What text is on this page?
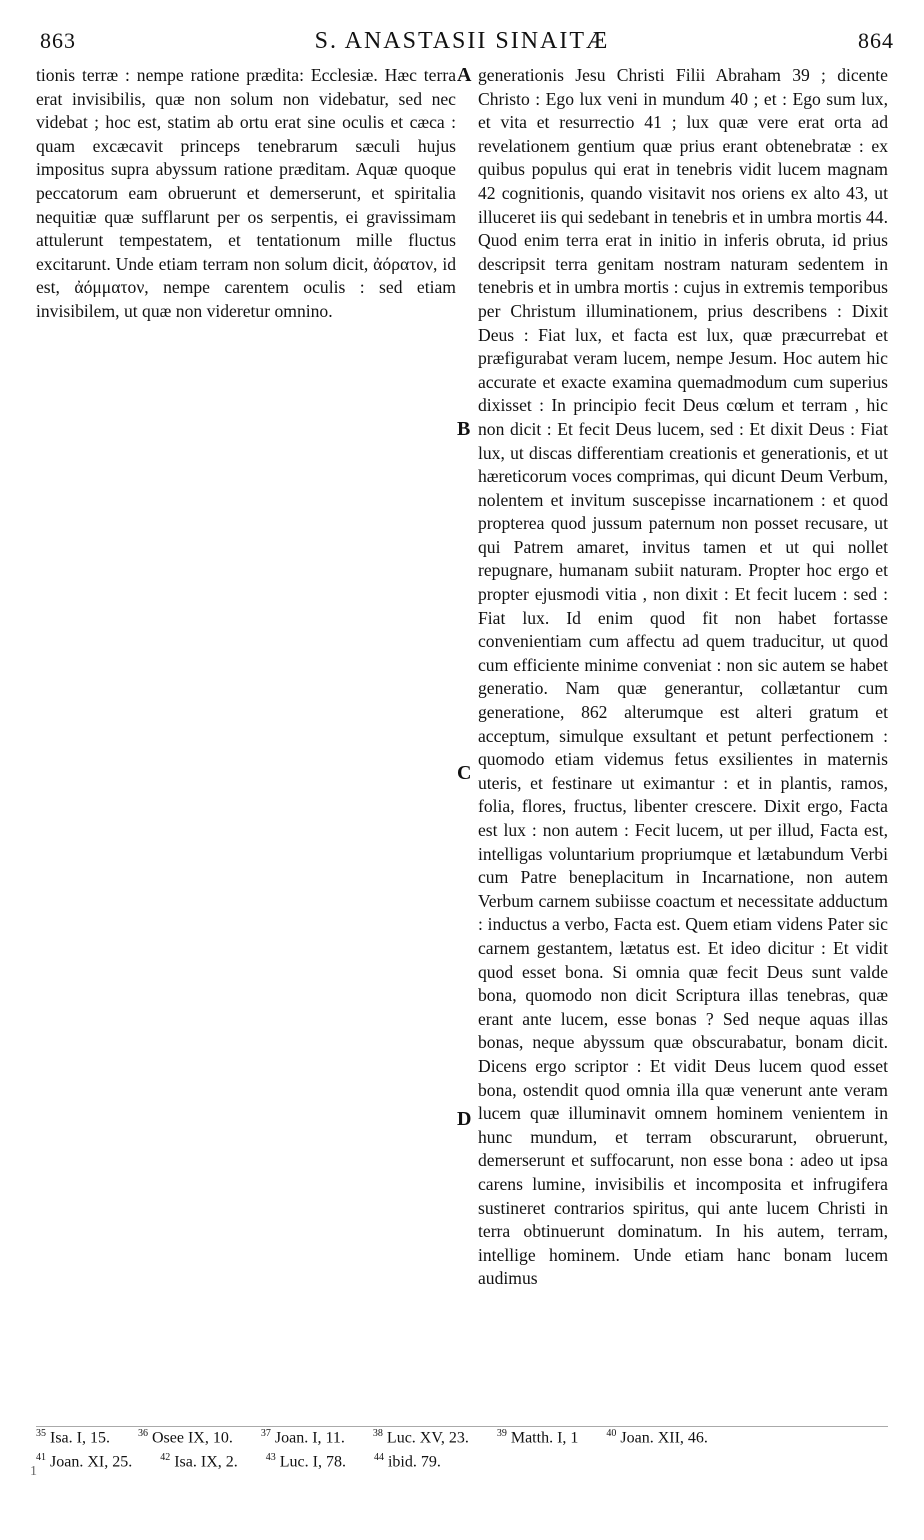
863	S. ANASTASII SINAITÆ	864
A
B
C
D

tionis terræ : nempe ratione prædita: Ecclesiæ. Hæc terra erat invisibilis, quæ non solum non videbatur, sed nec videbat ; hoc est, statim ab ortu erat sine oculis et cæca : quam excæcavit princeps tenebrarum sæculi hujus impositus supra abyssum ratione præditam. Aquæ quoque peccatorum eam obruerunt et demerserunt, et spiritalia nequitiæ quæ sufflarunt per os serpentis, ei gravissimam attulerunt tempestatem, et tentationum mille fluctus excitarunt. Unde etiam terram non solum dicit, ἀόρατον, id est, ἀόμματον, nempe carentem oculis : sed etiam invisibilem, ut quæ non videretur omnino.

generationis Jesu Christi Filii Abraham 39 ; dicente Christo : Ego lux veni in mundum 40 ; et : Ego sum lux, et vita et resurrectio 41 ; lux quæ vere erat orta ad revelationem gentium quæ prius erant obtenebratæ : ex quibus populus qui erat in tenebris vidit lucem magnam 42 cognitionis, quando visitavit nos oriens ex alto 43, ut illuceret iis qui sedebant in tenebris et in umbra mortis 44. Quod enim terra erat in initio in inferis obruta, id prius descripsit terra genitam nostram naturam sedentem in tenebris et in umbra mortis : cujus in extremis temporibus per Christum illuminationem, prius describens : Dixit Deus : Fiat lux, et facta est lux, quæ præcurrebat et præfigurabat veram lucem, nempe Jesum. Hoc autem hic accurate et exacte examina quemadmodum cum superius dixisset : In principio fecit Deus cœlum et terram , hic non dicit : Et fecit Deus lucem, sed : Et dixit Deus : Fiat lux, ut discas differentiam creationis et generationis, et ut hæreticorum voces comprimas, qui dicunt Deum Verbum, nolentem et invitum suscepisse incarnationem : et quod propterea quod jussum paternum non posset recusare, ut qui Patrem amaret, invitus tamen et ut qui nollet repugnare, humanam subiit naturam. Propter hoc ergo et propter ejusmodi vitia , non dixit : Et fecit lucem : sed : Fiat lux. Id enim quod fit non habet fortasse convenientiam cum affectu ad quem traducitur, ut quod cum efficiente minime conveniat : non sic autem se habet generatio. Nam quæ generantur, collætantur cum generatione, 862 alterumque est alteri gratum et acceptum, simulque exsultant et petunt perfectionem : quomodo etiam videmus fetus exsilientes in maternis uteris, et festinare ut eximantur : et in plantis, ramos, folia, flores, fructus, libenter crescere. Dixit ergo, Facta est lux : non autem : Fecit lucem, ut per illud, Facta est, intelligas voluntarium propriumque et lætabundum Verbi cum Patre beneplacitum in Incarnatione, non autem Verbum carnem subiisse coactum et necessitate adductum : inductus a verbo, Facta est. Quem etiam videns Pater sic carnem gestantem, lætatus est. Et ideo dicitur : Et vidit quod esset bona. Si omnia quæ fecit Deus sunt valde bona, quomodo non dicit Scriptura illas tenebras, quæ erant ante lucem, esse bonas ? Sed neque aquas illas bonas, neque abyssum quæ obscurabatur, bonam dicit. Dicens ergo scriptor : Et vidit Deus lucem quod esset bona, ostendit quod omnia illa quæ venerunt ante veram lucem quæ illuminavit omnem hominem venientem in hunc mundum, et terram obscurarunt, obruerunt, demerserunt et suffocarunt, non esse bona : adeo ut ipsa carens lumine, invisibilis et incomposita et infrugifera sustineret contrarios spiritus, qui ante lucem Christi in terra obtinuerunt dominatum. In his autem, terram, intellige hominem. Unde etiam hanc bonam lucem audimus

$^{35}$ Isa. I, 15.	$^{36}$ Osee IX, 10.	$^{37}$ Joan. I, 11.	$^{38}$ Luc. XV, 23.	$^{39}$ Matth. I, 1	$^{40}$ Joan. XII, 46.
$^{41}$ Joan. XI, 25.	$^{42}$ Isa. IX, 2.	$^{43}$ Luc. I, 78.	$^{44}$ ibid. 79.
1
